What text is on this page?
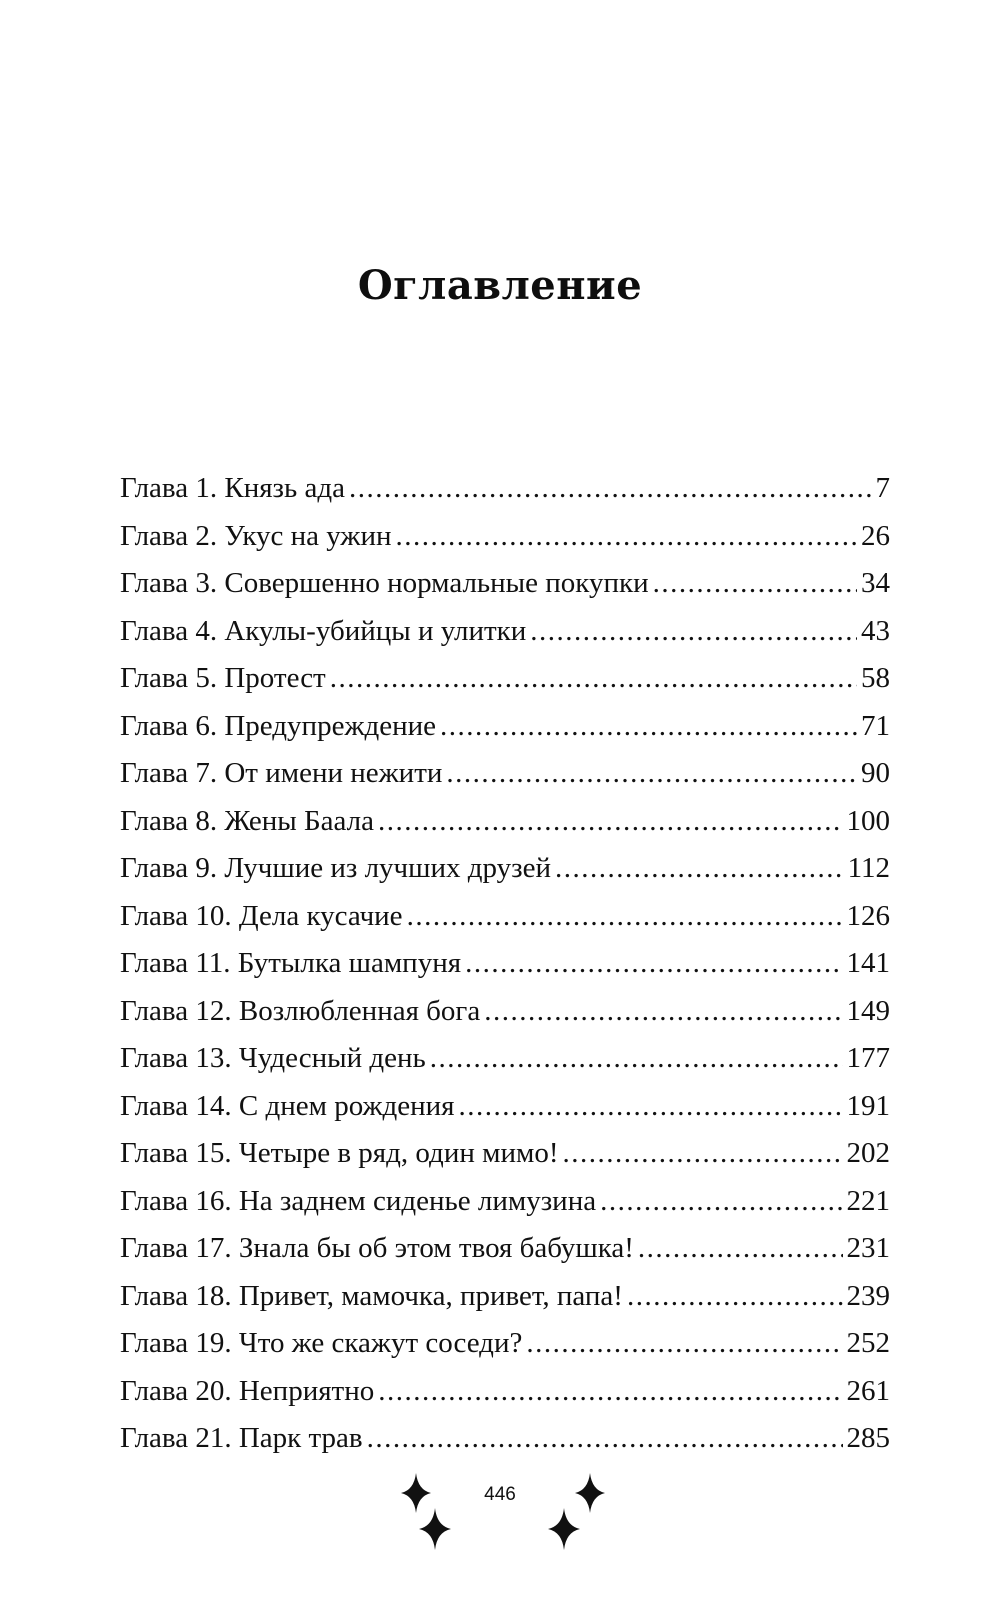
Оглавление
Глава 1. Князь ада .....	7
Глава 2. Укус на ужин .....	26
Глава 3. Совершенно нормальные покупки .....	34
Глава 4. Акулы-убийцы и улитки .....	43
Глава 5. Протест .....	58
Глава 6. Предупреждение .....	71
Глава 7. От имени нежити .....	90
Глава 8. Жены Баала .....	100
Глава 9. Лучшие из лучших друзей .....	112
Глава 10. Дела кусачие .....	126
Глава 11. Бутылка шампуня .....	141
Глава 12. Возлюбленная бога .....	149
Глава 13. Чудесный день .....	177
Глава 14. С днем рождения .....	191
Глава 15. Четыре в ряд, один мимо! .....	202
Глава 16. На заднем сиденье лимузина .....	221
Глава 17. Знала бы об этом твоя бабушка! .....	231
Глава 18. Привет, мамочка, привет, папа! .....	239
Глава 19. Что же скажут соседи? .....	252
Глава 20. Неприятно .....	261
Глава 21. Парк трав .....	285
446
